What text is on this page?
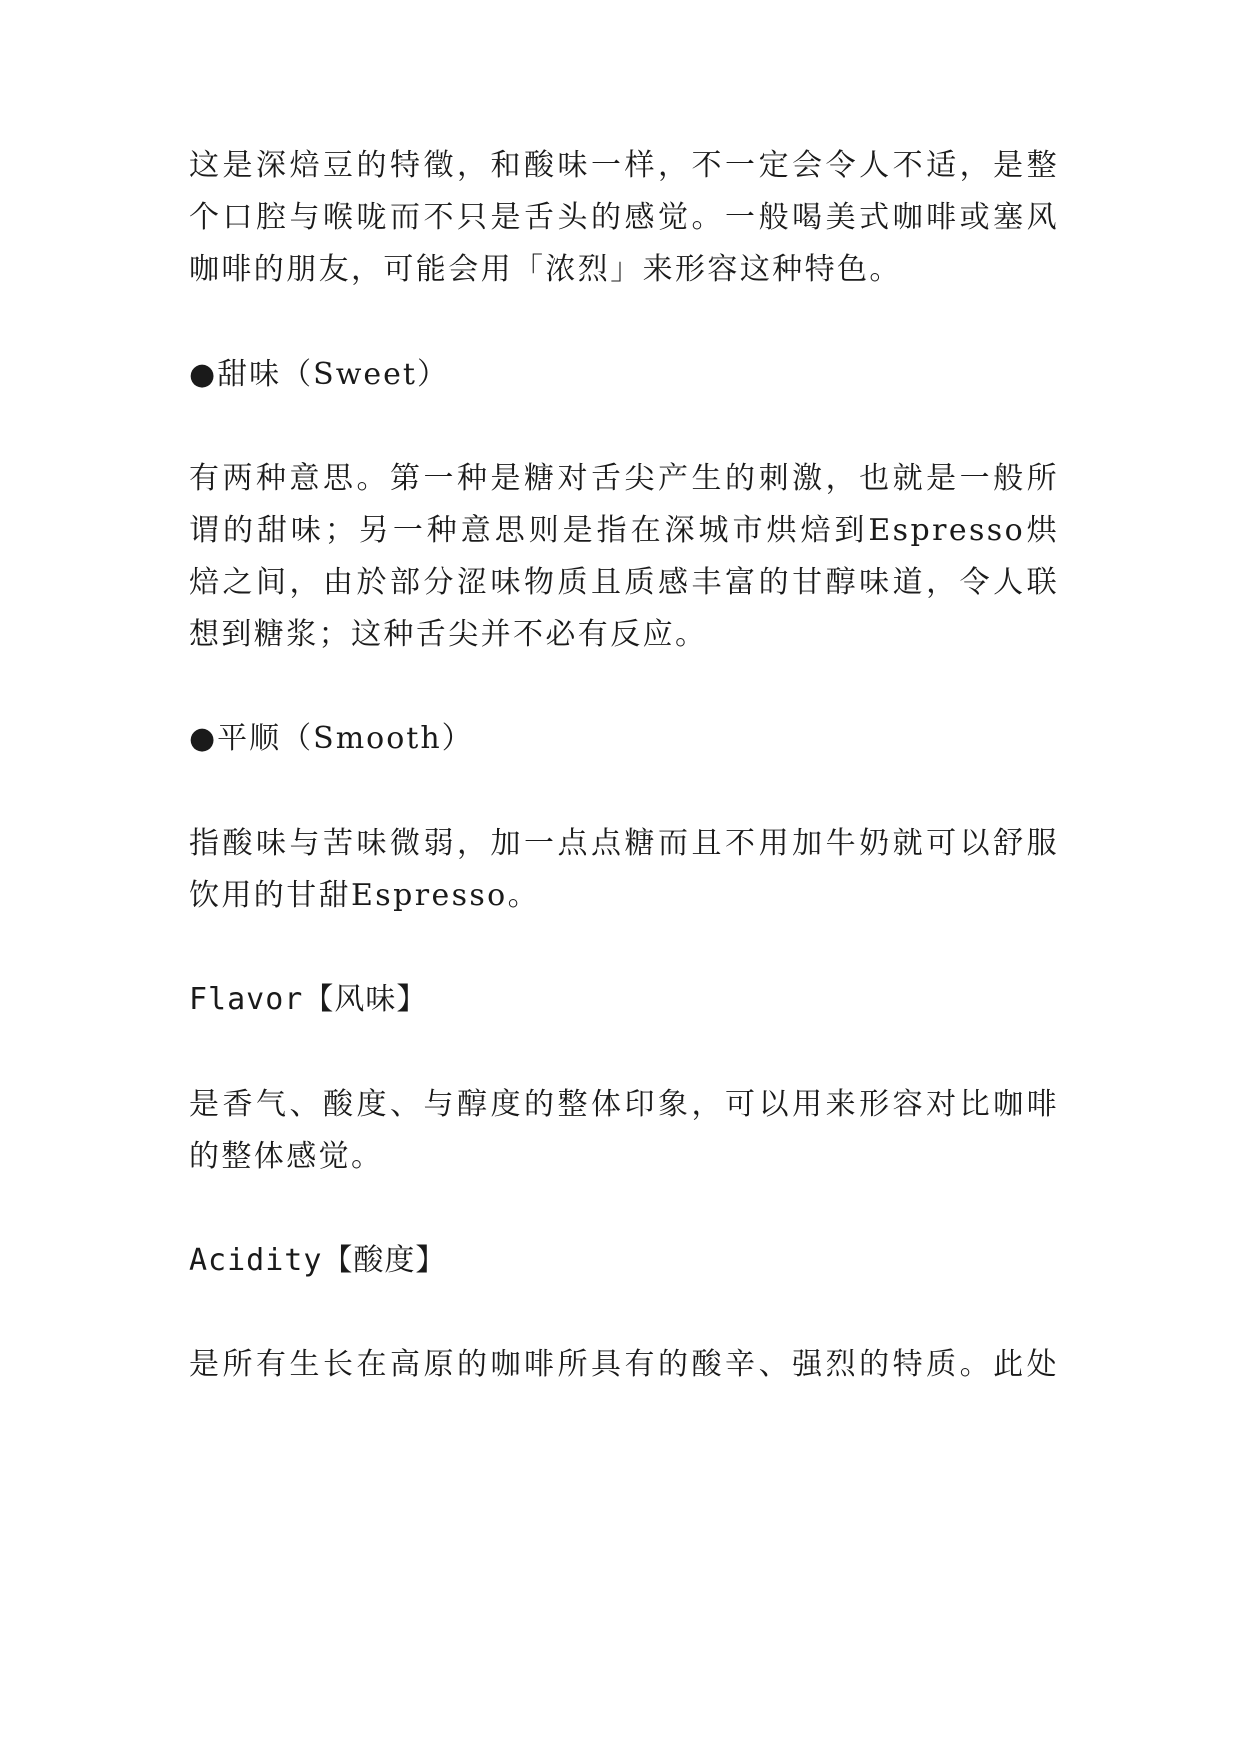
这是深焙豆的特徵，和酸味一样，不一定会令人不适，是整
个口腔与喉咙而不只是舌头的感觉。一般喝美式咖啡或塞风
咖啡的朋友，可能会用「浓烈」来形容这种特色。
●甜味（Sweet）
有两种意思。第一种是糖对舌尖产生的刺激，也就是一般所
谓的甜味；另一种意思则是指在深城市烘焙到Espresso烘
焙之间，由於部分涩味物质且质感丰富的甘醇味道，令人联
想到糖浆；这种舌尖并不必有反应。
●平顺（Smooth）
指酸味与苦味微弱，加一点点糖而且不用加牛奶就可以舒服
饮用的甘甜Espresso。
Flavor【风味】
是香气、酸度、与醇度的整体印象，可以用来形容对比咖啡
的整体感觉。
Acidity【酸度】
是所有生长在高原的咖啡所具有的酸辛、强烈的特质。此处
